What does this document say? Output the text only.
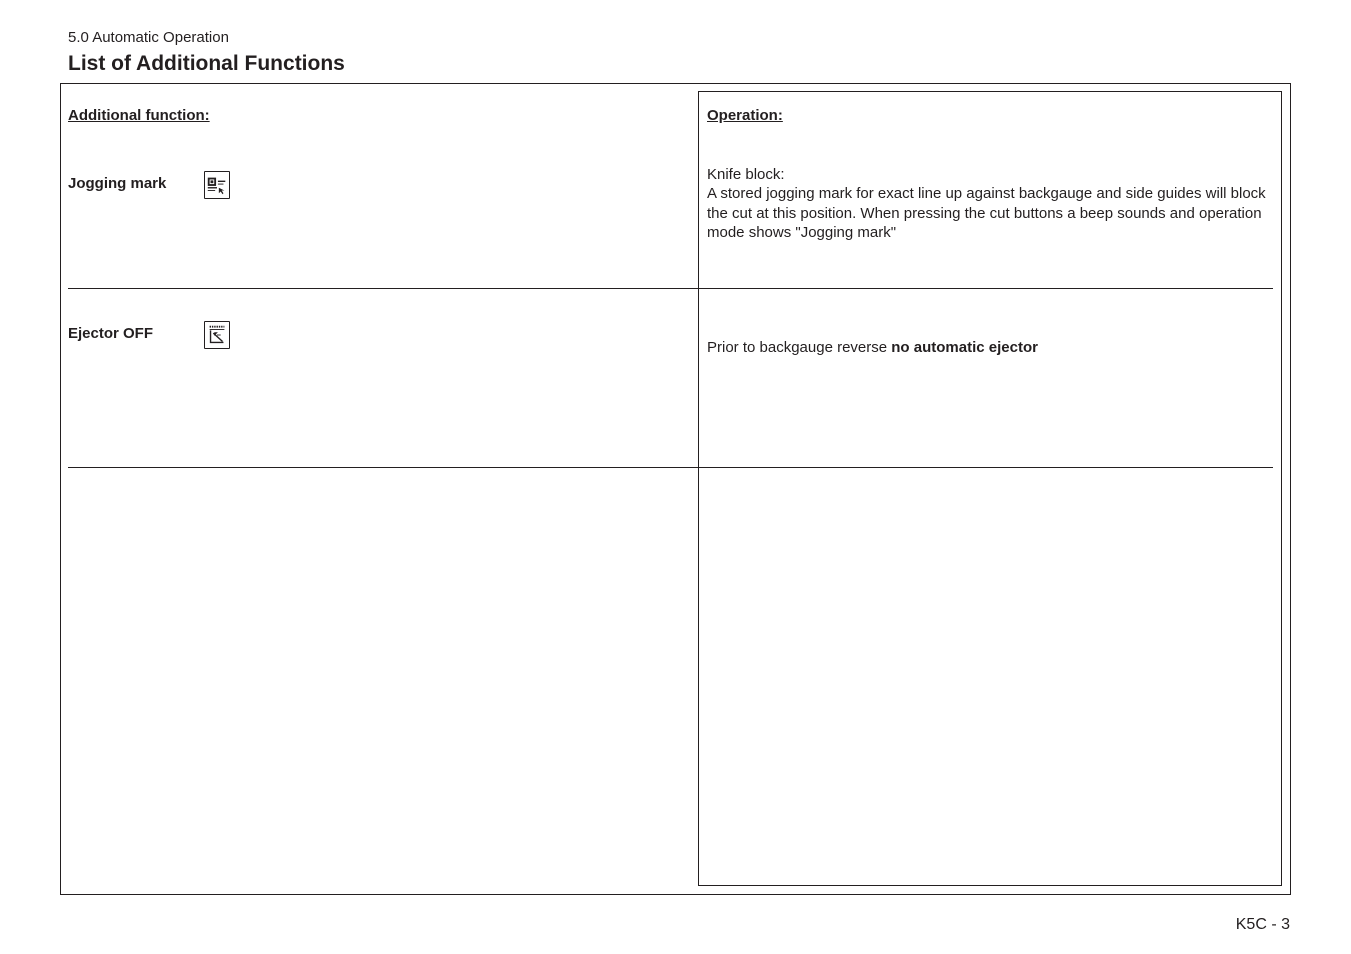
5.0 Automatic Operation
List of Additional Functions
Additional function:	Operation:
Jogging mark
Knife block:
A stored jogging mark for exact line up against backgauge and side guides will block the cut at this position. When pressing the cut buttons a beep sounds and operation mode shows "Jogging mark"
Ejector OFF
Prior to backgauge reverse no automatic ejector
K5C - 3
